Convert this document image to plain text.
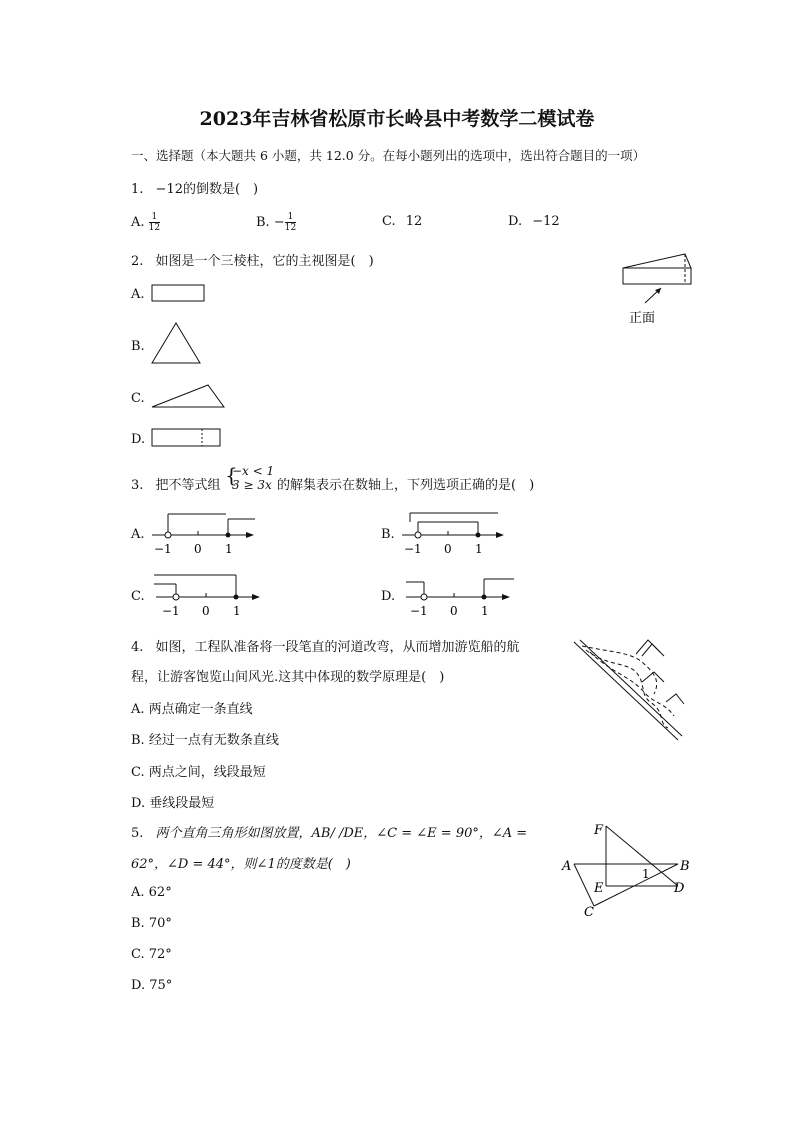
2023年吉林省松原市长岭县中考数学二模试卷
一、选择题（本大题共 6 小题，共 12.0 分。在每小题列出的选项中，选出符合题目的一项）
1. −12的倒数是(　)
A. $\frac{1}{12}$	B. − $\frac{1}{12}$	C. 12	D. −12
2. 如图是一个三棱柱，它的主视图是(　)
正面
A.
B.
C.
D.
3. 把不等式组 {
−x < 1
3 ≥ 3x 的解集表示在数轴上，下列选项正确的是(　)
A.
−1 0 1
B.
−1 0 1
C.
−1 0 1
D.
−1 0 1
4. 如图，工程队准备将一段笔直的河道改弯，从而增加游览船的航
程，让游客饱览山间风光.这其中体现的数学原理是(　)
A. 两点确定一条直线
B. 经过一点有无数条直线
C. 两点之间，线段最短
D. 垂线段最短
5. 两个直角三角形如图放置，AB/ /DE，∠C = ∠E = 90°，∠A =
62°，∠D = 44°，则∠1的度数是(　)
A. 62°
B. 70°
C. 72°
D. 75°
F
A	B
E	D
C
1
